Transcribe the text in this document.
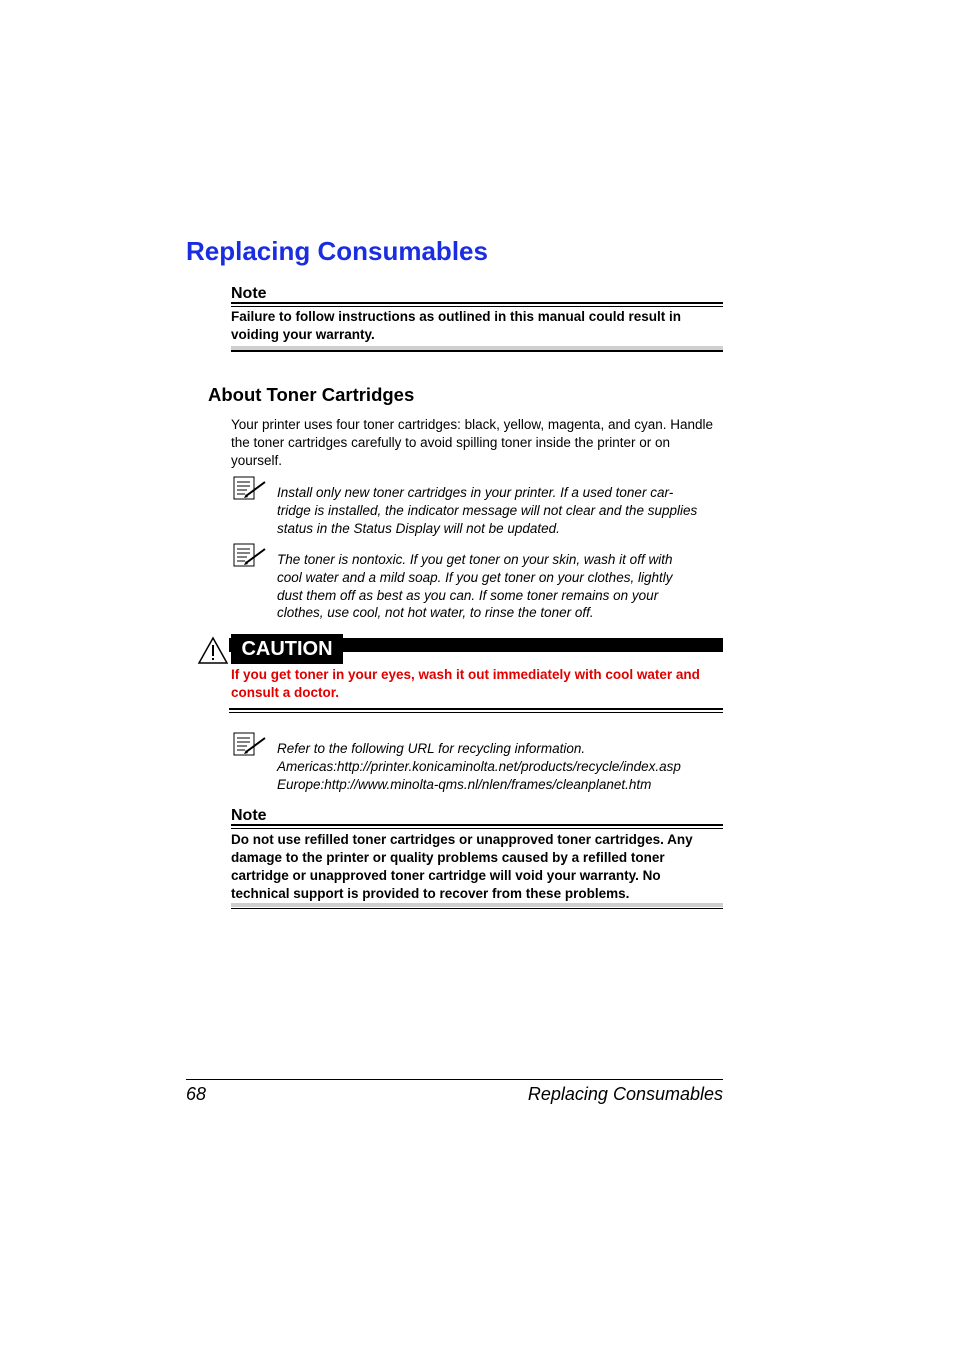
Replacing Consumables
Note

Failure to follow instructions as outlined in this manual could result in voiding your warranty.

About Toner Cartridges

Your printer uses four toner cartridges: black, yellow, magenta, and cyan. Handle the toner cartridges carefully to avoid spilling toner inside the printer or on yourself.

Install only new toner cartridges in your printer. If a used toner car-
tridge is installed, the indicator message will not clear and the supplies
status in the Status Display will not be updated.
The toner is nontoxic. If you get toner on your skin, wash it off with
cool water and a mild soap. If you get toner on your clothes, lightly
dust them off as best as you can. If some toner remains on your
clothes, use cool, not hot water, to rinse the toner off.
CAUTION

If you get toner in your eyes, wash it out immediately with cool water and consult a doctor.

Refer to the following URL for recycling information.
Americas:http://printer.konicaminolta.net/products/recycle/index.asp
Europe:http://www.minolta-qms.nl/nlen/frames/cleanplanet.htm
Note
Do not use refilled toner cartridges or unapproved toner cartridges. Any
damage to the printer or quality problems caused by a refilled toner
cartridge or unapproved toner cartridge will void your warranty. No
technical support is provided to recover from these problems.
68	Replacing Consumables
